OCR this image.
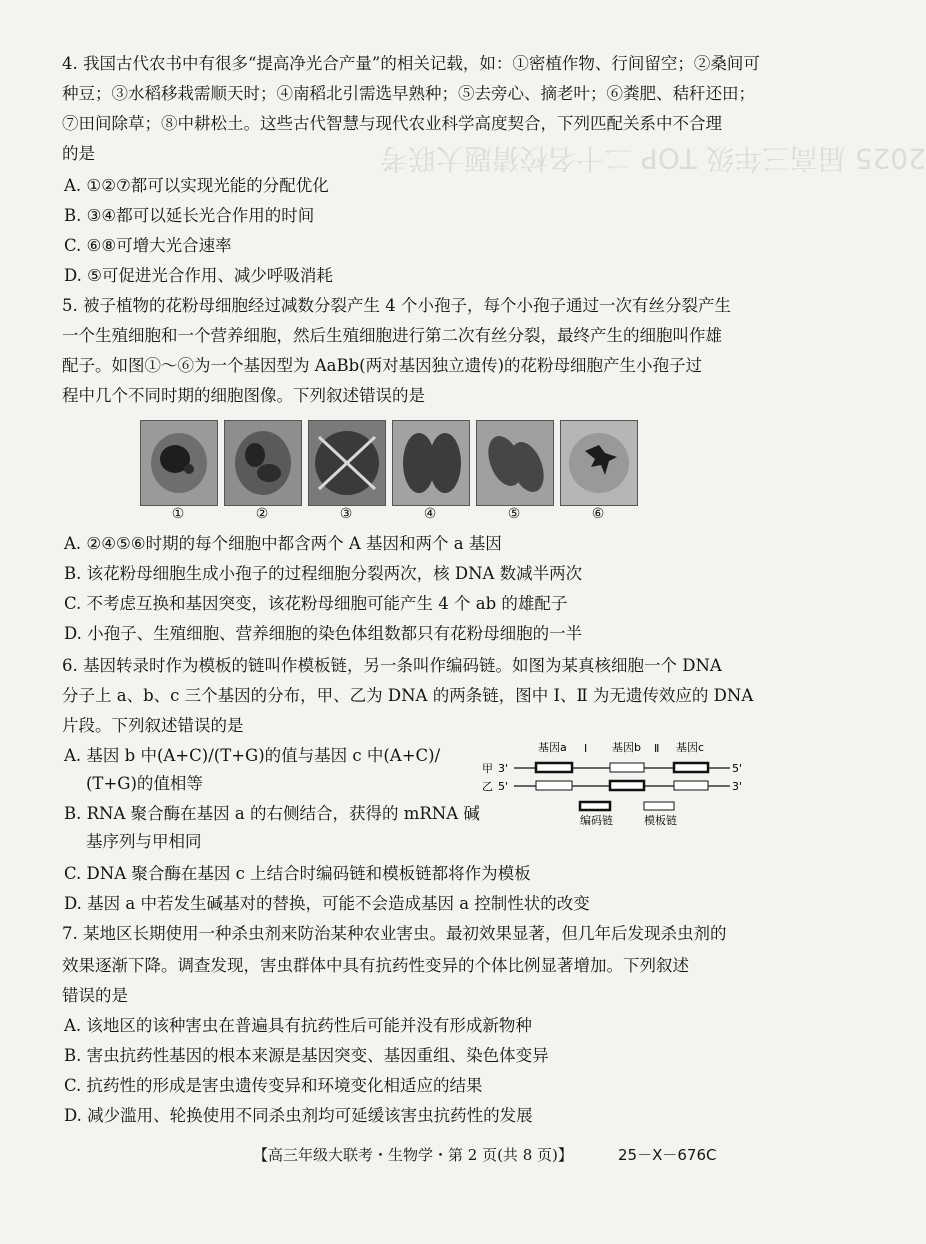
2025 届高三年级 TOP 二十名校猜题大联考
4. 我国古代农书中有很多“提高净光合产量”的相关记载，如：①密植作物、行间留空；②桑间可
种豆；③水稻移栽需顺天时；④南稻北引需选早熟种；⑤去旁心、摘老叶；⑥粪肥、秸秆还田；
⑦田间除草；⑧中耕松土。这些古代智慧与现代农业科学高度契合，下列匹配关系中不合理
的是
A. ①②⑦都可以实现光能的分配优化
B. ③④都可以延长光合作用的时间
C. ⑥⑧可增大光合速率
D. ⑤可促进光合作用、减少呼吸消耗
5. 被子植物的花粉母细胞经过减数分裂产生 4 个小孢子，每个小孢子通过一次有丝分裂产生
一个生殖细胞和一个营养细胞，然后生殖细胞进行第二次有丝分裂，最终产生的细胞叫作雄
配子。如图①～⑥为一个基因型为 AaBb(两对基因独立遗传)的花粉母细胞产生小孢子过
程中几个不同时期的细胞图像。下列叙述错误的是
①	②	③	④	⑤	⑥
A. ②④⑤⑥时期的每个细胞中都含两个 A 基因和两个 a 基因
B. 该花粉母细胞生成小孢子的过程细胞分裂两次，核 DNA 数减半两次
C. 不考虑互换和基因突变，该花粉母细胞可能产生 4 个 ab 的雄配子
D. 小孢子、生殖细胞、营养细胞的染色体组数都只有花粉母细胞的一半
6. 基因转录时作为模板的链叫作模板链，另一条叫作编码链。如图为某真核细胞一个 DNA
分子上 a、b、c 三个基因的分布，甲、乙为 DNA 的两条链，图中 Ⅰ、Ⅱ 为无遗传效应的 DNA
片段。下列叙述错误的是
A. 基因 b 中(A+C)/(T+G)的值与基因 c 中(A+C)/
(T+G)的值相等
B. RNA 聚合酶在基因 a 的右侧结合，获得的 mRNA 碱
基序列与甲相同
C. DNA 聚合酶在基因 c 上结合时编码链和模板链都将作为模板
D. 基因 a 中若发生碱基对的替换，可能不会造成基因 a 控制性状的改变
基因a Ⅰ 基因b Ⅱ 基因c
甲 3'	5'
乙 5'	3'
编码链	模板链
7. 某地区长期使用一种杀虫剂来防治某种农业害虫。最初效果显著，但几年后发现杀虫剂的
效果逐渐下降。调查发现，害虫群体中具有抗药性变异的个体比例显著增加。下列叙述
错误的是
A. 该地区的该种害虫在普遍具有抗药性后可能并没有形成新物种
B. 害虫抗药性基因的根本来源是基因突变、基因重组、染色体变异
C. 抗药性的形成是害虫遗传变异和环境变化相适应的结果
D. 减少滥用、轮换使用不同杀虫剂均可延缓该害虫抗药性的发展
【高三年级大联考・生物学・第 2 页(共 8 页)】	25－X－676C
